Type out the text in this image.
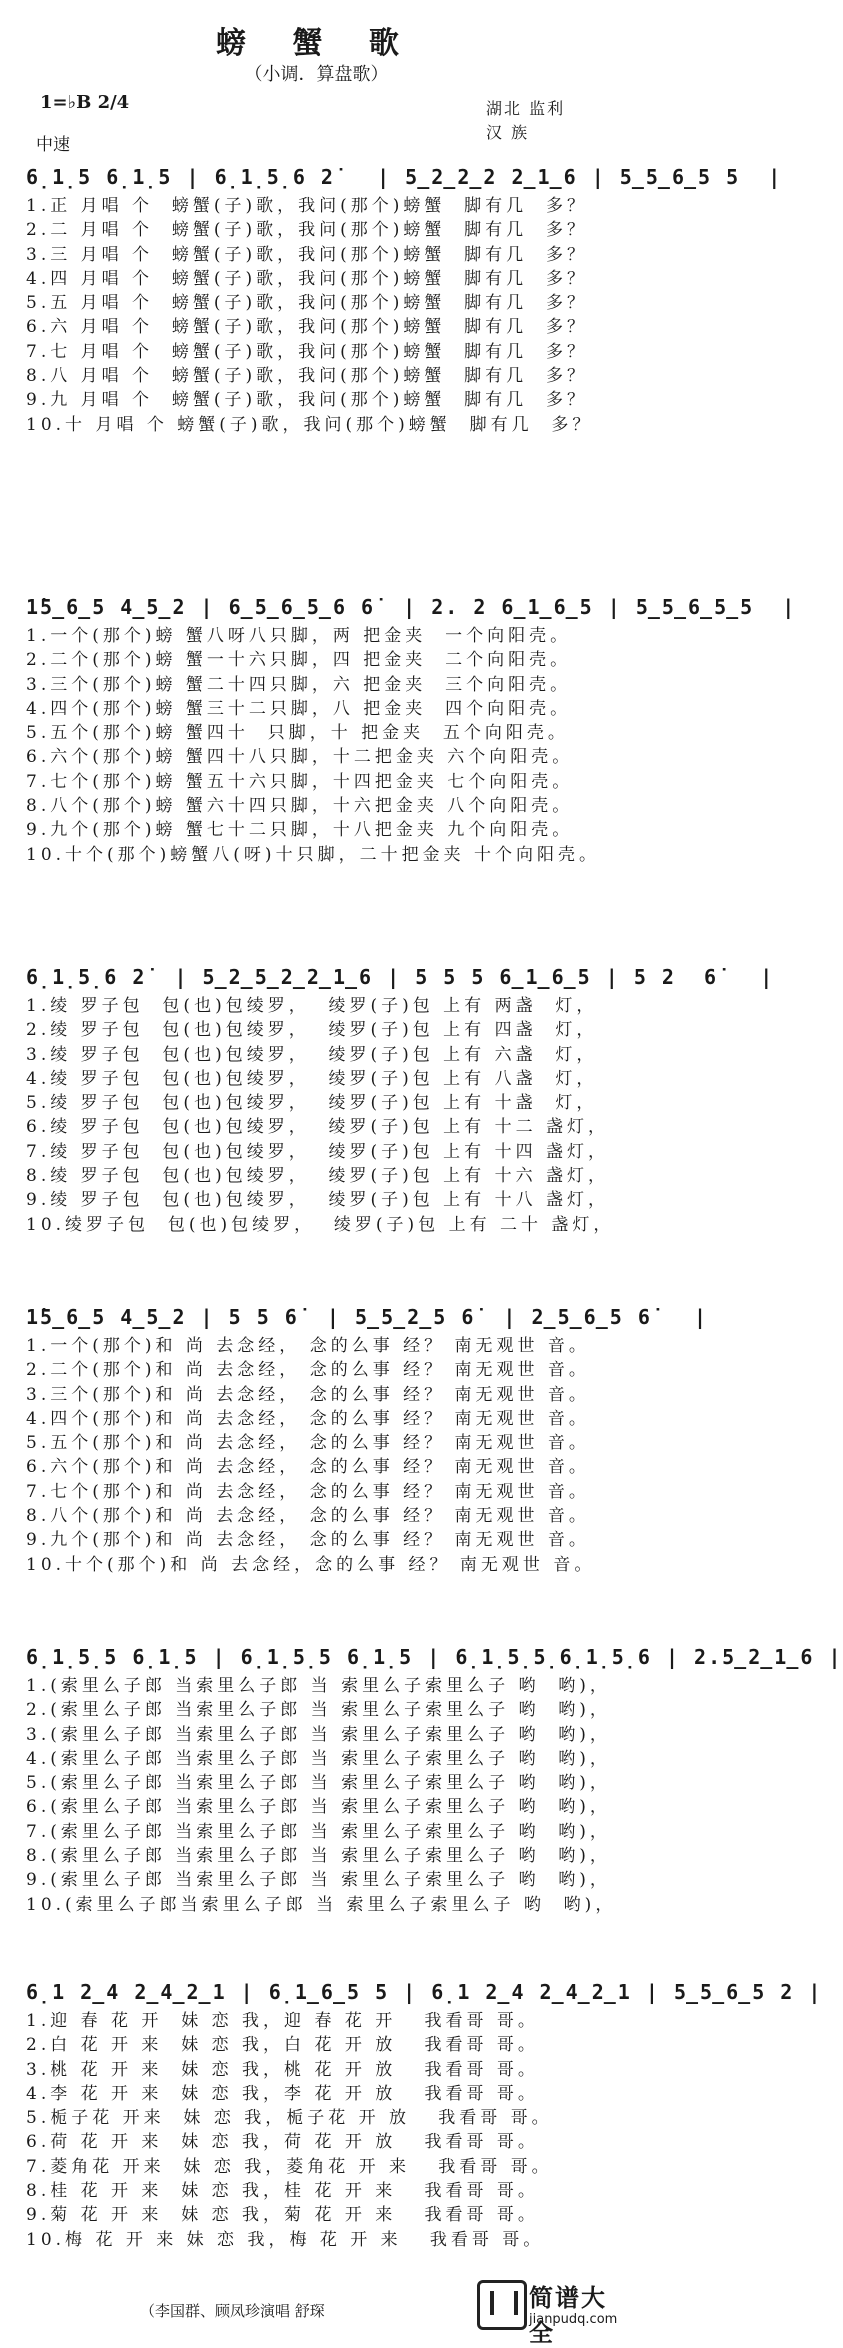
螃 蟹 歌
（小调．算盘歌）
1=♭B 2/4
中速
湖北 监利
汉 族
6̣1̣5 6̣1̣5 | 6̣1̣5̣6 2˙  | 5̲2̲2̲2 2̲1̲6 | 5̲5̲6̲5 5  |
1.正 月唱 个  螃蟹(子)歌，我问(那个)螃蟹  脚有几  多？
2.二 月唱 个  螃蟹(子)歌，我问(那个)螃蟹  脚有几  多？
3.三 月唱 个  螃蟹(子)歌，我问(那个)螃蟹  脚有几  多？
4.四 月唱 个  螃蟹(子)歌，我问(那个)螃蟹  脚有几  多？
5.五 月唱 个  螃蟹(子)歌，我问(那个)螃蟹  脚有几  多？
6.六 月唱 个  螃蟹(子)歌，我问(那个)螃蟹  脚有几  多？
7.七 月唱 个  螃蟹(子)歌，我问(那个)螃蟹  脚有几  多？
8.八 月唱 个  螃蟹(子)歌，我问(那个)螃蟹  脚有几  多？
9.九 月唱 个  螃蟹(子)歌，我问(那个)螃蟹  脚有几  多？
10.十 月唱 个 螃蟹(子)歌，我问(那个)螃蟹  脚有几  多？
1̇5̲6̲5 4̲5̲2 | 6̲5̲6̲5̲6 6˙ | 2. 2 6̲1̲6̲5 | 5̲5̲6̲5̲5  |
1.一个(那个)螃 蟹八呀八只脚，两 把金夹  一个向阳壳。
2.二个(那个)螃 蟹一十六只脚，四 把金夹  二个向阳壳。
3.三个(那个)螃 蟹二十四只脚，六 把金夹  三个向阳壳。
4.四个(那个)螃 蟹三十二只脚，八 把金夹  四个向阳壳。
5.五个(那个)螃 蟹四十  只脚，十 把金夹  五个向阳壳。
6.六个(那个)螃 蟹四十八只脚，十二把金夹 六个向阳壳。
7.七个(那个)螃 蟹五十六只脚，十四把金夹 七个向阳壳。
8.八个(那个)螃 蟹六十四只脚，十六把金夹 八个向阳壳。
9.九个(那个)螃 蟹七十二只脚，十八把金夹 九个向阳壳。
10.十个(那个)螃蟹八(呀)十只脚，二十把金夹 十个向阳壳。
6̣1̣5̣6 2˙ | 5̲2̲5̲2̲2̲1̲6 | 5 5 5 6̲1̲6̲5 | 5 2  6˙  |
1.绫 罗子包  包(也)包绫罗，  绫罗(子)包 上有 两盏  灯，
2.绫 罗子包  包(也)包绫罗，  绫罗(子)包 上有 四盏  灯，
3.绫 罗子包  包(也)包绫罗，  绫罗(子)包 上有 六盏  灯，
4.绫 罗子包  包(也)包绫罗，  绫罗(子)包 上有 八盏  灯，
5.绫 罗子包  包(也)包绫罗，  绫罗(子)包 上有 十盏  灯，
6.绫 罗子包  包(也)包绫罗，  绫罗(子)包 上有 十二 盏灯，
7.绫 罗子包  包(也)包绫罗，  绫罗(子)包 上有 十四 盏灯，
8.绫 罗子包  包(也)包绫罗，  绫罗(子)包 上有 十六 盏灯，
9.绫 罗子包  包(也)包绫罗，  绫罗(子)包 上有 十八 盏灯，
10.绫罗子包  包(也)包绫罗，  绫罗(子)包 上有 二十 盏灯，
1̇5̲6̲5 4̲5̲2 | 5 5 6˙ | 5̲5̲2̲5 6˙ | 2̲5̲6̲5 6˙  |
1.一个(那个)和 尚 去念经， 念的么事 经？ 南无观世 音。
2.二个(那个)和 尚 去念经， 念的么事 经？ 南无观世 音。
3.三个(那个)和 尚 去念经， 念的么事 经？ 南无观世 音。
4.四个(那个)和 尚 去念经， 念的么事 经？ 南无观世 音。
5.五个(那个)和 尚 去念经， 念的么事 经？ 南无观世 音。
6.六个(那个)和 尚 去念经， 念的么事 经？ 南无观世 音。
7.七个(那个)和 尚 去念经， 念的么事 经？ 南无观世 音。
8.八个(那个)和 尚 去念经， 念的么事 经？ 南无观世 音。
9.九个(那个)和 尚 去念经， 念的么事 经？ 南无观世 音。
10.十个(那个)和 尚 去念经，念的么事 经？ 南无观世 音。
6̣1̣5̣5 6̣1̣5 | 6̣1̣5̣5 6̣1̣5 | 6̣1̣5̣5̣6̣1̣5̣6 | 2.5̲2̲1̲6 |
1.(索里么子郎 当索里么子郎 当 索里么子索里么子 哟  哟)，
2.(索里么子郎 当索里么子郎 当 索里么子索里么子 哟  哟)，
3.(索里么子郎 当索里么子郎 当 索里么子索里么子 哟  哟)，
4.(索里么子郎 当索里么子郎 当 索里么子索里么子 哟  哟)，
5.(索里么子郎 当索里么子郎 当 索里么子索里么子 哟  哟)，
6.(索里么子郎 当索里么子郎 当 索里么子索里么子 哟  哟)，
7.(索里么子郎 当索里么子郎 当 索里么子索里么子 哟  哟)，
8.(索里么子郎 当索里么子郎 当 索里么子索里么子 哟  哟)，
9.(索里么子郎 当索里么子郎 当 索里么子索里么子 哟  哟)，
10.(索里么子郎当索里么子郎 当 索里么子索里么子 哟  哟)，
6̣1 2̲4 2̲4̲2̲1 | 6̣1̲6̲5 5 | 6̣1 2̲4 2̲4̲2̲1 | 5̲5̲6̲5 2 |
1.迎 春 花 开  妹 恋 我，迎 春 花 开   我看哥 哥。
2.白 花 开 来  妹 恋 我，白 花 开 放   我看哥 哥。
3.桃 花 开 来  妹 恋 我，桃 花 开 放   我看哥 哥。
4.李 花 开 来  妹 恋 我，李 花 开 放   我看哥 哥。
5.栀子花 开来  妹 恋 我，栀子花 开 放   我看哥 哥。
6.荷 花 开 来  妹 恋 我，荷 花 开 放   我看哥 哥。
7.菱角花 开来  妹 恋 我，菱角花 开 来   我看哥 哥。
8.桂 花 开 来  妹 恋 我，桂 花 开 来   我看哥 哥。
9.菊 花 开 来  妹 恋 我，菊 花 开 来   我看哥 哥。
10.梅 花 开 来 妹 恋 我，梅 花 开 来   我看哥 哥。
（李国群、顾凤珍演唱 舒琛	简谱大全
jianpudq.com
